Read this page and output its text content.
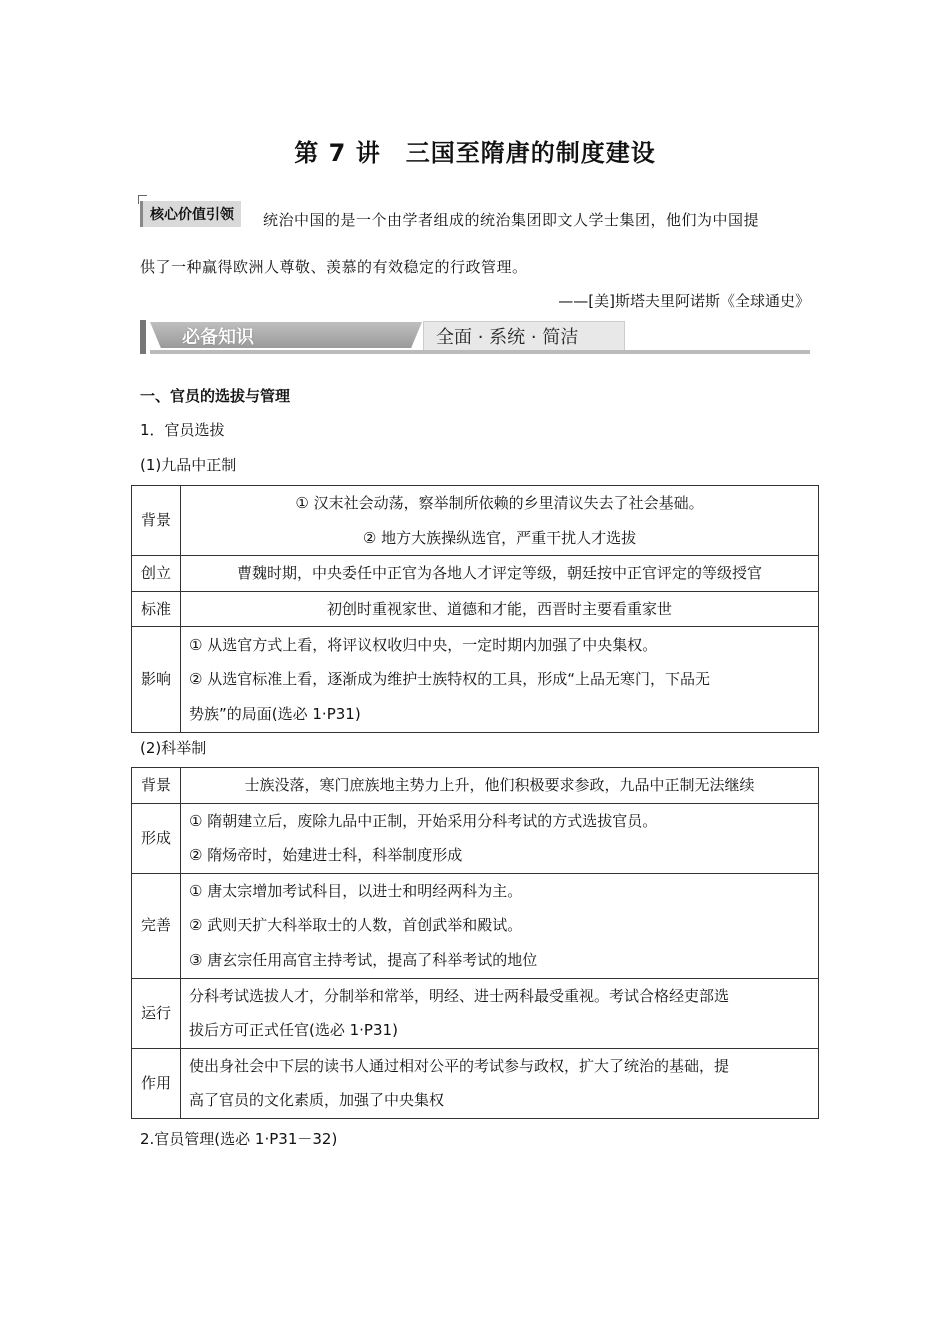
第 7 讲　三国至隋唐的制度建设
核心价值引领	统治中国的是一个由学者组成的统治集团即文人学士集团，他们为中国提
供了一种赢得欧洲人尊敬、羡慕的有效稳定的行政管理。
——[美]斯塔夫里阿诺斯《全球通史》
必备知识	全面 · 系统 · 简洁
一、官员的选拔与管理
1．官员选拔
(1)九品中正制
背景	① 汉末社会动荡，察举制所依赖的乡里清议失去了社会基础。
② 地方大族操纵选官，严重干扰人才选拔

创立	曹魏时期，中央委任中正官为各地人才评定等级，朝廷按中正官评定的等级授官

标准	初创时重视家世、道德和才能，西晋时主要看重家世

影响	① 从选官方式上看，将评议权收归中央，一定时期内加强了中央集权。
② 从选官标准上看，逐渐成为维护士族特权的工具，形成“上品无寒门，下品无
势族”的局面(选必 1·P31)
(2)科举制
背景	士族没落，寒门庶族地主势力上升，他们积极要求参政，九品中正制无法继续

形成	① 隋朝建立后，废除九品中正制，开始采用分科考试的方式选拔官员。
② 隋炀帝时，始建进士科，科举制度形成

完善	① 唐太宗增加考试科目，以进士和明经两科为主。
② 武则天扩大科举取士的人数，首创武举和殿试。
③ 唐玄宗任用高官主持考试，提高了科举考试的地位

运行	分科考试选拔人才，分制举和常举，明经、进士两科最受重视。考试合格经吏部选
拔后方可正式任官(选必 1·P31)

作用	使出身社会中下层的读书人通过相对公平的考试参与政权，扩大了统治的基础，提
高了官员的文化素质，加强了中央集权
2.官员管理(选必 1·P31－32)
